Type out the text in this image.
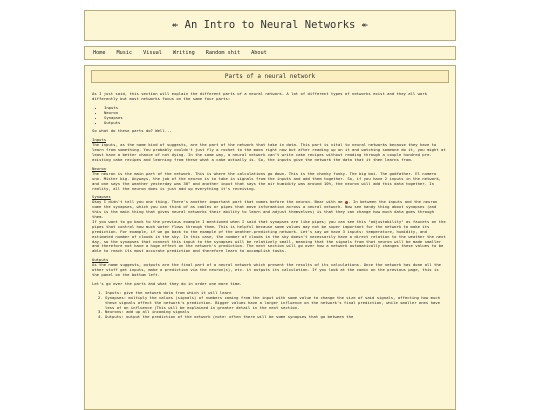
↞ An Intro to Neural Networks ↞
Home Music Visual Writing Random shit About
Parts of a neural network

As I just said, this section will explain the different parts of a neural network. A lot of different types of networks exist and they all work differently but most networks focus on the same four parts:

• Inputs
• Neuron
• Synapses
• Outputs

So what do these parts do? Well...

Inputs

The inputs, as the name kind of suggests, are the part of the network that take in data. This part is vital to neural networks because they have to learn from something. You probably couldn't just fly a rocket to the moon right now but after reading up on it and watching someone do it, you might at least have a better chance of not dying. In the same way, a neural network can't write cake recipes without reading through a couple hundred pre-existing cake recipes and learning from these what a cake actually is. So, the inputs give the network the data that it then learns from.

Neuron

The neuron is the main part of the network. This is where the calculations go down. This is the chonky funky. The big boi. The godfather. El numero uno. Mister big. Anyways, the job of the neuron is to take in signals from the inputs and add them together. So, if you have 2 inputs in the network, and one says the weather yesterday was 30° and another input that says the air humidity was around 10%, the neuron will add this data together. In reality, all the neuron does is just add up everything it's receiving.

Synapses

Okay I didn't tell you one thing. There's another important part that comes before the neuron. Bear with me . In between the inputs and the neuron come the synapses, which you can think of as cables or pipes that move information across a neural network. Now see handy thing about synapses (and this is the main thing that gives neural networks their ability to learn and adjust themselves) is that they can change how much data goes through them.

If you want to go back to the previous example I mentioned when I said that synapses are like pipes; you can see this "adjustability" as faucets on the pipes that control how much water flows through them. This is helpful because some values may not be super important for the network to make its prediction. For example, if we go back to the example of the weather-predicting network. Let's say we have 3 inputs: temperature, humidity, and estimated number of clouds in the sky. In this case, the number of clouds in the sky doesn't necessarily have a direct relation to the weather the next day, so the synapses that connect this input to the synapses will be relatively small, meaning that the signals from that neuron will be made smaller and therefore not have a huge effect on the network's prediction. The next section will go over how a network automatically changes these values to be able to reach its most accurate prediction and therefore learn to accomplish tasks.

Outputs

As the name suggests, outputs are the final part of a neural network which present the results of its calculations. Once the network has done all the other stuff get inputs, make a prediction via the neuron(s), etc. it outputs its calculation. If you look at the comic on the previous page, this is the panel on the bottom left.

Let's go over the parts and what they do in order one more time.

1. Inputs: give the network data from which it will learn
2. Synapses: multiply the values (signals) of numbers coming from the input with some value to change the size of said signals, affecting how much these signals affect the network's prediction. Bigger values have a larger influence on the network's final prediction, while smaller ones have less of an influence (This will be explained in greater detail in the next section.
3. Neurons: add up all incoming signals
4. Outputs: output the prediction of the network (note: often there will be some synapses that go between the
